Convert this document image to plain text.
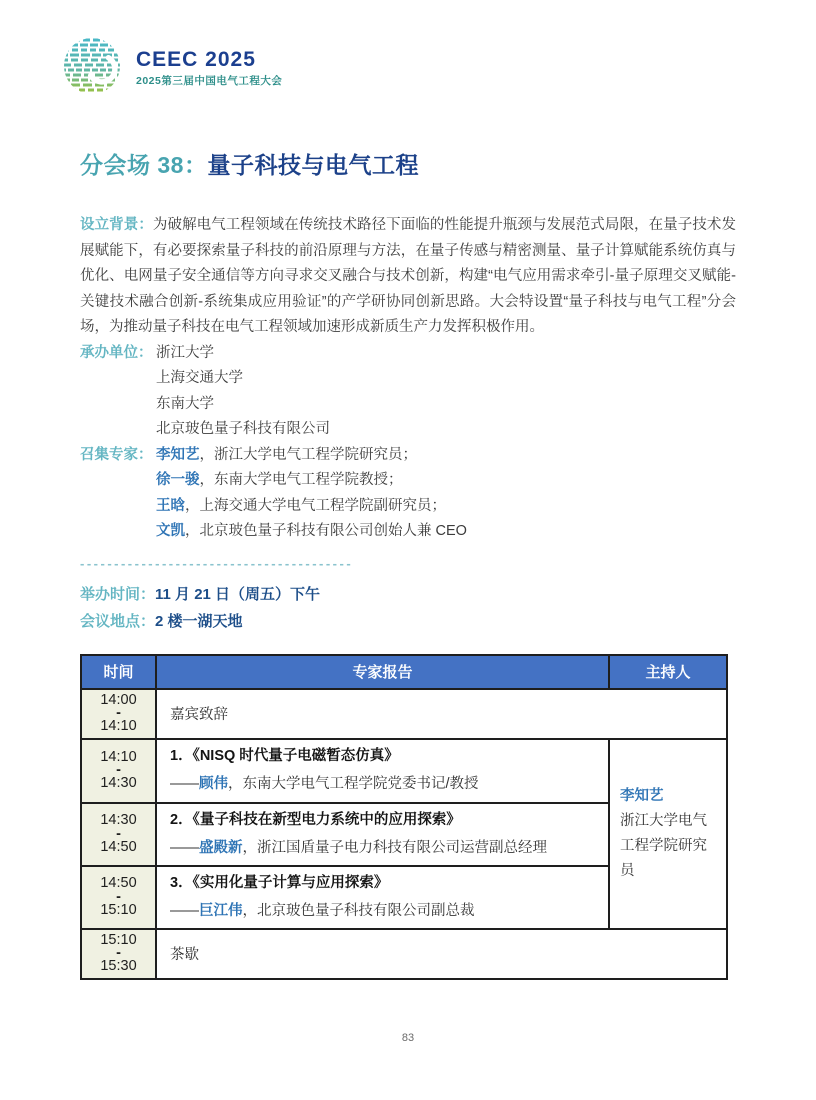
CEEC 2025
2025第三届中国电气工程大会
分会场 38：量子科技与电气工程
设立背景：为破解电气工程领域在传统技术路径下面临的性能提升瓶颈与发展范式局限，在量子技术发展赋能下，有必要探索量子科技的前沿原理与方法，在量子传感与精密测量、量子计算赋能系统仿真与优化、电网量子安全通信等方向寻求交叉融合与技术创新，构建“电气应用需求牵引-量子原理交叉赋能-关键技术融合创新-系统集成应用验证”的产学研协同创新思路。大会特设置“量子科技与电气工程”分会场，为推动量子科技在电气工程领域加速形成新质生产力发挥积极作用。
承办单位： 浙江大学
上海交通大学
东南大学
北京玻色量子科技有限公司
召集专家： 李知艺，浙江大学电气工程学院研究员；
徐一骏，东南大学电气工程学院教授；
王晗，上海交通大学电气工程学院副研究员；
文凯，北京玻色量子科技有限公司创始人兼 CEO
----------------------------------------
举办时间：11 月 21 日（周五）下午
会议地点：2 楼一湖天地
时间	专家报告	主持人

14:00
-
14:10	嘉宾致辞	

14:10
-
14:30

1．《NISQ 时代量子电磁暂态仿真》
——顾伟，东南大学电气工程学院党委书记/教授

李知艺
浙江大学电气工程学院研究员

14:30
-
14:50

2．《量子科技在新型电力系统中的应用探索》
——盛殿新，浙江国盾量子电力科技有限公司运营副总经理

14:50
-
15:10

3．《实用化量子计算与应用探索》
——巨江伟，北京玻色量子科技有限公司副总裁

15:10
-
15:30	茶歇	
83
